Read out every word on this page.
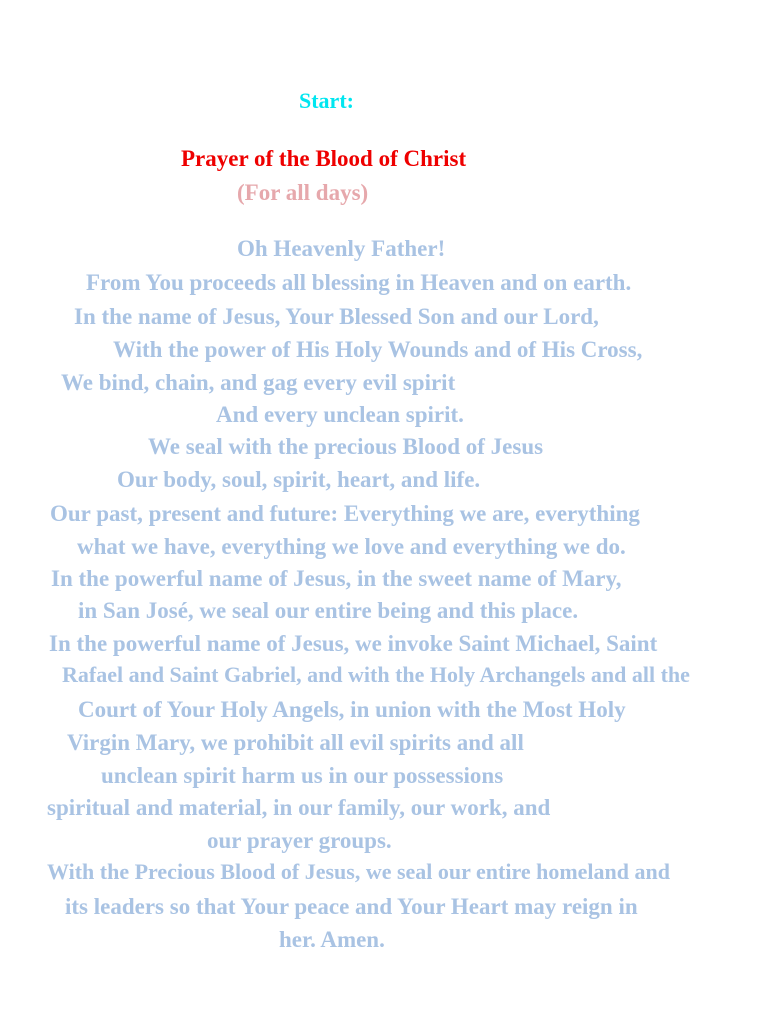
Start:

Prayer of the Blood of Christ

(For all days)

Oh Heavenly Father!

From You proceeds all blessing in Heaven and on earth.

In the name of Jesus, Your Blessed Son and our Lord,

With the power of His Holy Wounds and of His Cross,

We bind, chain, and gag every evil spirit

And every unclean spirit.

We seal with the precious Blood of Jesus

Our body, soul, spirit, heart, and life.

Our past, present and future: Everything we are, everything

what we have, everything we love and everything we do.

In the powerful name of Jesus, in the sweet name of Mary,

in San José, we seal our entire being and this place.

In the powerful name of Jesus, we invoke Saint Michael, Saint

Rafael and Saint Gabriel, and with the Holy Archangels and all the

Court of Your Holy Angels, in union with the Most Holy

Virgin Mary, we prohibit all evil spirits and all

unclean spirit harm us in our possessions

spiritual and material, in our family, our work, and

our prayer groups.

With the Precious Blood of Jesus, we seal our entire homeland and

its leaders so that Your peace and Your Heart may reign in

her. Amen.
